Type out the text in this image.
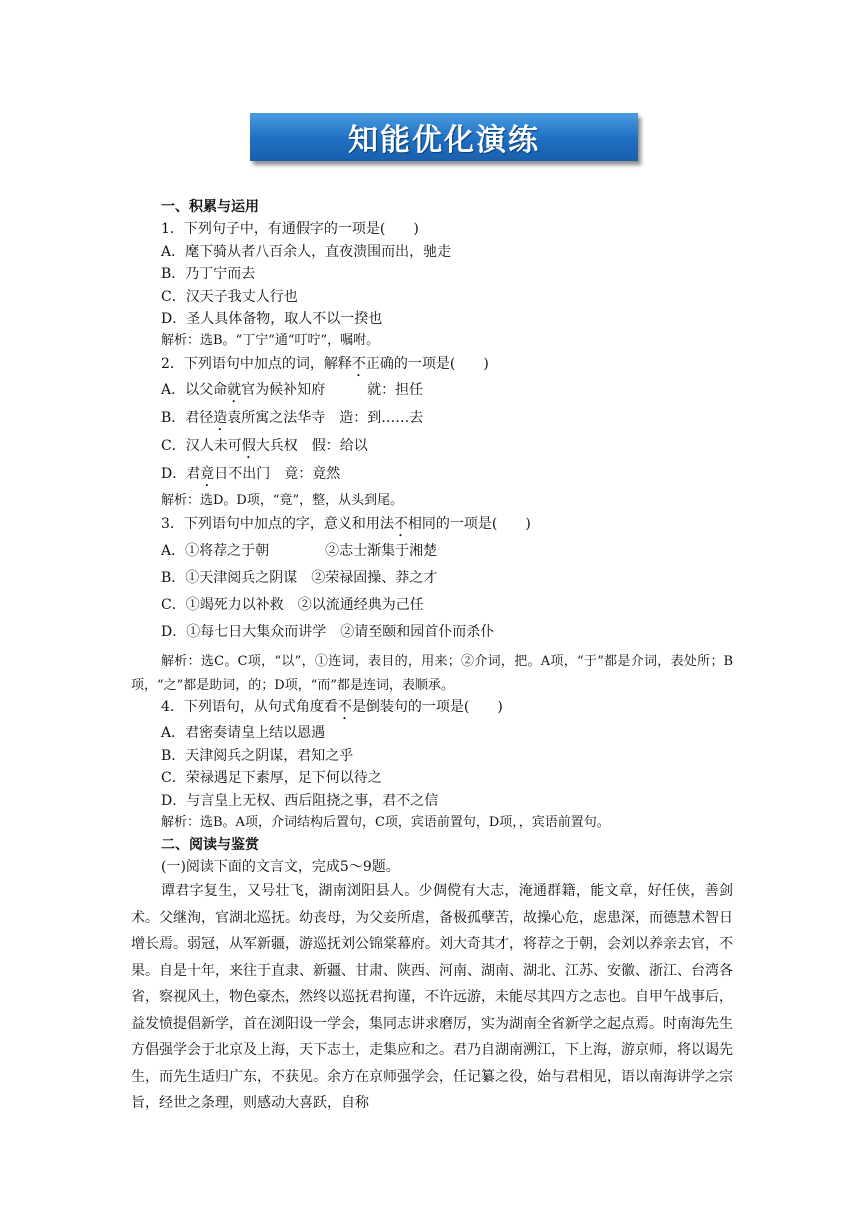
知能优化演练
一、积累与运用
1．下列句子中，有通假字的一项是(　　)
A．麾下骑从者八百余人，直夜溃围而出，驰走
B．乃丁宁而去
C．汉天子我丈人行也
D．圣人具体备物，取人不以一揆也
解析：选B。“丁宁”通“叮咛”，嘱咐。
2．下列语句中加点的词，解释不正确的一项是(　　)
A．以父命就官为候补知府　　　就：担任
B．君径造袁所寓之法华寺　造：到……去
C．汉人未可假大兵权　假：给以
D．君竟日不出门　竟：竟然
解析：选D。D项，“竟”，整，从头到尾。
3．下列语句中加点的字，意义和用法不相同的一项是(　　)
A．①将荐之于朝　　　　②志士渐集于湘楚
B．①天津阅兵之阴谋　②荣禄固操、莽之才
C．①竭死力以补救　②以流通经典为己任
D．①每七日大集众而讲学　②请至颐和园首仆而杀仆
解析：选C。C项，“以”，①连词，表目的，用来；②介词，把。A项，“于”都是介词，表处所；B项，“之”都是助词，的；D项，“而”都是连词，表顺承。
4．下列语句，从句式角度看不是倒装句的一项是(　　)
A．君密奏请皇上结以恩遇
B．天津阅兵之阴谋，君知之乎
C．荣禄遇足下素厚，足下何以待之
D．与言皇上无权、西后阻挠之事，君不之信
解析：选B。A项，介词结构后置句，C项，宾语前置句，D项，，宾语前置句。
二、阅读与鉴赏
(一)阅读下面的文言文，完成5～9题。
谭君字复生，又号壮飞，湖南浏阳县人。少倜傥有大志，淹通群籍，能文章，好任侠，善剑术。父继洵，官湖北巡抚。幼丧母，为父妾所虐，备极孤孽苦，故操心危，虑患深，而德慧术智日增长焉。弱冠，从军新疆，游巡抚刘公锦棠幕府。刘大奇其才，将荐之于朝，会刘以养亲去官，不果。自是十年，来往于直隶、新疆、甘肃、陕西、河南、湖南、湖北、江苏、安徽、浙江、台湾各省，察视风土，物色豪杰，然终以巡抚君拘谨，不许远游，未能尽其四方之志也。自甲午战事后，益发愤提倡新学，首在浏阳设一学会，集同志讲求磨厉，实为湖南全省新学之起点焉。时南海先生方倡强学会于北京及上海，天下志士，走集应和之。君乃自湖南溯江，下上海，游京师，将以谒先生，而先生适归广东，不获见。余方在京师强学会，任记纂之役，始与君相见，语以南海讲学之宗旨，经世之条理，则感动大喜跃，自称
